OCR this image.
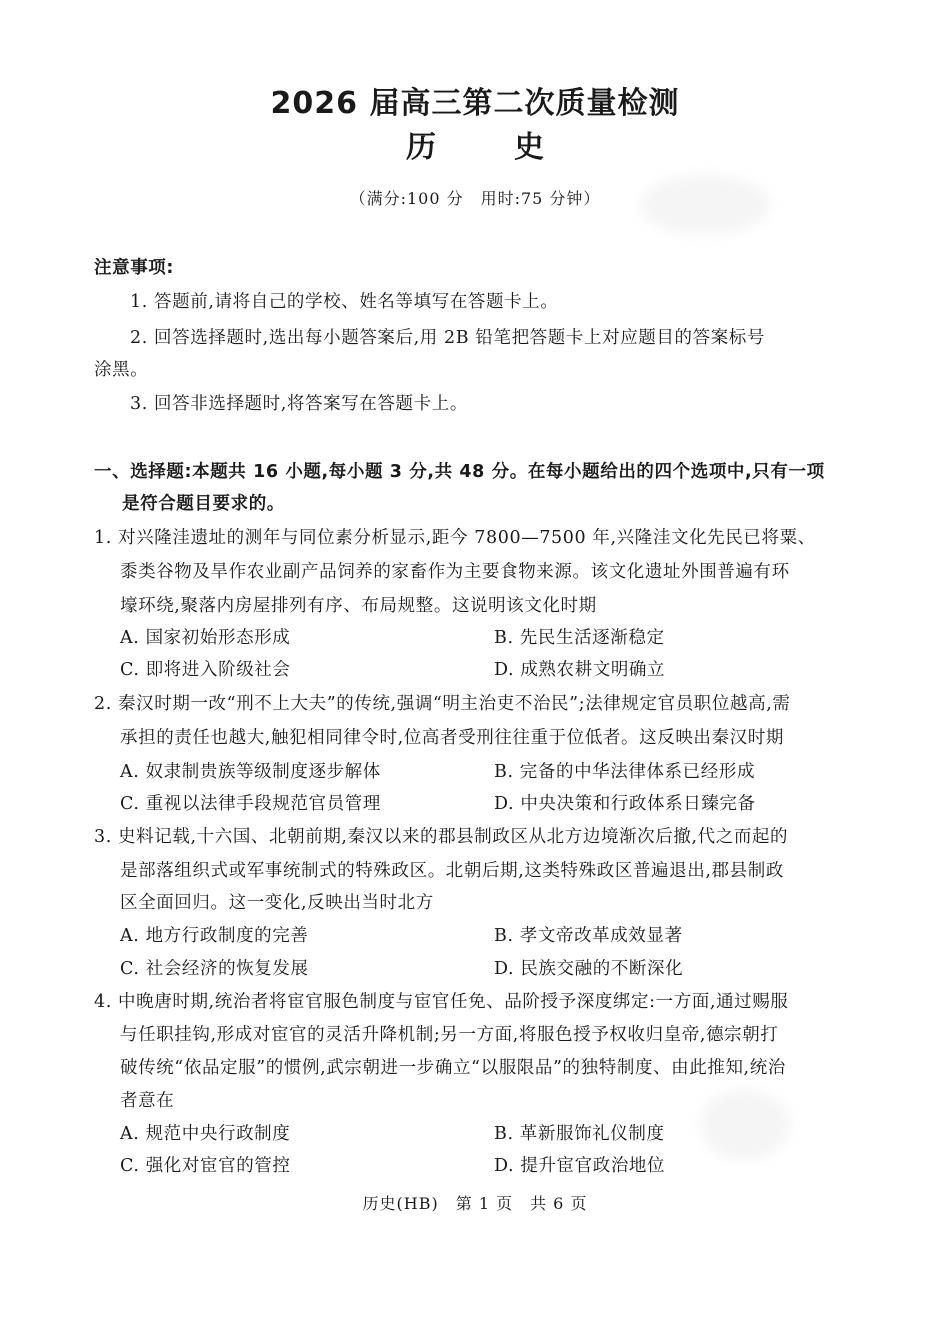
2026 届高三第二次质量检测
历　史
（满分:100 分　用时:75 分钟）
注意事项:
1. 答题前,请将自己的学校、姓名等填写在答题卡上。
2. 回答选择题时,选出每小题答案后,用 2B 铅笔把答题卡上对应题目的答案标号
涂黑。
3. 回答非选择题时,将答案写在答题卡上。
一、选择题:本题共 16 小题,每小题 3 分,共 48 分。在每小题给出的四个选项中,只有一项
是符合题目要求的。
1. 对兴隆洼遗址的测年与同位素分析显示,距今 7800—7500 年,兴隆洼文化先民已将粟、
黍类谷物及旱作农业副产品饲养的家畜作为主要食物来源。该文化遗址外围普遍有环
壕环绕,聚落内房屋排列有序、布局规整。这说明该文化时期
A. 国家初始形态形成	B. 先民生活逐渐稳定
C. 即将进入阶级社会	D. 成熟农耕文明确立
2. 秦汉时期一改“刑不上大夫”的传统,强调“明主治吏不治民”;法律规定官员职位越高,需
承担的责任也越大,触犯相同律令时,位高者受刑往往重于位低者。这反映出秦汉时期
A. 奴隶制贵族等级制度逐步解体	B. 完备的中华法律体系已经形成
C. 重视以法律手段规范官员管理	D. 中央决策和行政体系日臻完备
3. 史料记载,十六国、北朝前期,秦汉以来的郡县制政区从北方边境渐次后撤,代之而起的
是部落组织式或军事统制式的特殊政区。北朝后期,这类特殊政区普遍退出,郡县制政
区全面回归。这一变化,反映出当时北方
A. 地方行政制度的完善	B. 孝文帝改革成效显著
C. 社会经济的恢复发展	D. 民族交融的不断深化
4. 中晚唐时期,统治者将宦官服色制度与宦官任免、品阶授予深度绑定:一方面,通过赐服
与任职挂钩,形成对宦官的灵活升降机制;另一方面,将服色授予权收归皇帝,德宗朝打
破传统“依品定服”的惯例,武宗朝进一步确立“以服限品”的独特制度、由此推知,统治
者意在
A. 规范中央行政制度	B. 革新服饰礼仪制度
C. 强化对宦官的管控	D. 提升宦官政治地位
历史(HB)　第 1 页　共 6 页
